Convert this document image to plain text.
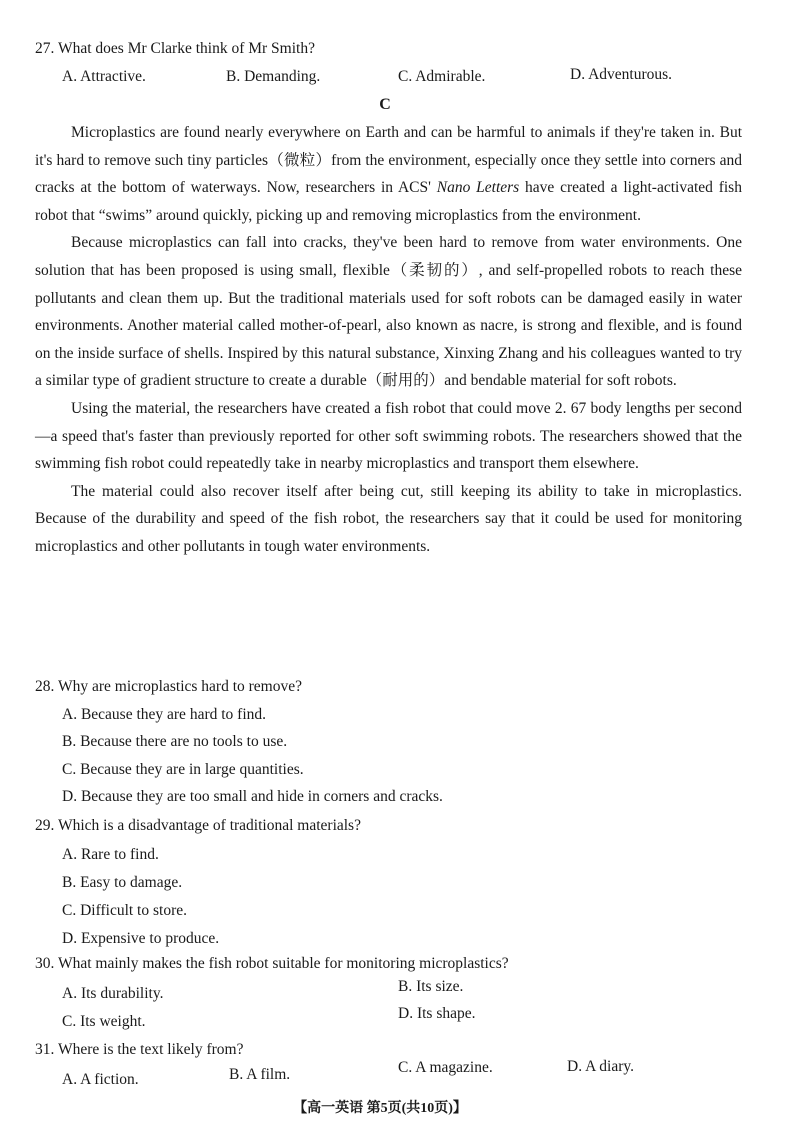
27. What does Mr Clarke think of Mr Smith?
A. Attractive.	B. Demanding.	C. Admirable.	D. Adventurous.
C

Microplastics are found nearly everywhere on Earth and can be harmful to animals if they're taken in. But it's hard to remove such tiny particles（微粒）from the environment, especially once they settle into corners and cracks at the bottom of waterways. Now, researchers in ACS' Nano Letters have created a light-activated fish robot that “swims” around quickly, picking up and removing microplastics from the environment.

Because microplastics can fall into cracks, they've been hard to remove from water environments. One solution that has been proposed is using small, flexible（柔韧的）, and self-propelled robots to reach these pollutants and clean them up. But the traditional materials used for soft robots can be damaged easily in water environments. Another material called mother-of-pearl, also known as nacre, is strong and flexible, and is found on the inside surface of shells. Inspired by this natural substance, Xinxing Zhang and his colleagues wanted to try a similar type of gradient structure to create a durable（耐用的）and bendable material for soft robots.

Using the material, the researchers have created a fish robot that could move 2. 67 body lengths per second—a speed that's faster than previously reported for other soft swimming robots. The researchers showed that the swimming fish robot could repeatedly take in nearby microplastics and transport them elsewhere.

The material could also recover itself after being cut, still keeping its ability to take in microplastics. Because of the durability and speed of the fish robot, the researchers say that it could be used for monitoring microplastics and other pollutants in tough water environments.

28. Why are microplastics hard to remove?
A. Because they are hard to find.
B. Because there are no tools to use.
C. Because they are in large quantities.
D. Because they are too small and hide in corners and cracks.
29. Which is a disadvantage of traditional materials?
A. Rare to find.
B. Easy to damage.
C. Difficult to store.
D. Expensive to produce.
30. What mainly makes the fish robot suitable for monitoring microplastics?
A. Its durability.	B. Its size.
C. Its weight.	D. Its shape.
31. Where is the text likely from?
A. A fiction.	B. A film.	C. A magazine.	D. A diary.
【高一英语 第5页(共10页)】
